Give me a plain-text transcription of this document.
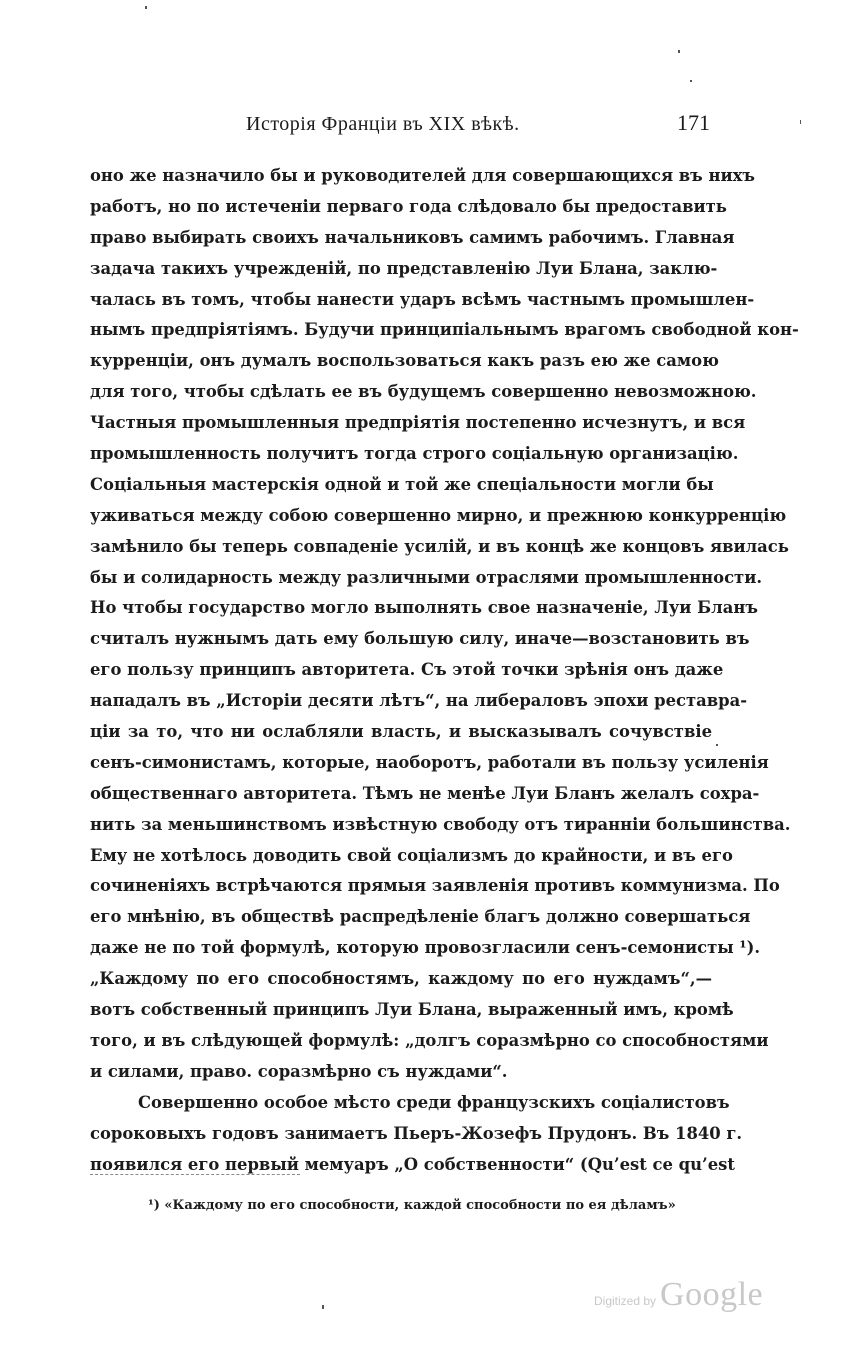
Исторія Франціи въ XIX вѣкѣ.	171
оно же назначило бы и руководителей для совершающихся въ нихъ
работъ, но по истеченіи перваго года слѣдовало бы предоставить
право выбирать своихъ начальниковъ самимъ рабочимъ. Главная
задача такихъ учрежденій, по представленію Луи Блана, заклю-
чалась въ томъ, чтобы нанести ударъ всѣмъ частнымъ промышлен-
нымъ предпріятіямъ. Будучи принципіальнымъ врагомъ свободной кон-
курренціи, онъ думалъ воспользоваться какъ разъ ею же самою
для того, чтобы сдѣлать ее въ будущемъ совершенно невозможною.
Частныя промышленныя предпріятія постепенно исчезнутъ, и вся
промышленность получитъ тогда строго соціальную организацію.
Соціальныя мастерскія одной и той же спеціальности могли бы
уживаться между собою совершенно мирно, и прежнюю конкурренцію
замѣнило бы теперь совпаденіе усилій, и въ концѣ же концовъ явилась
бы и солидарность между различными отраслями промышленности.
Но чтобы государство могло выполнять свое назначеніе, Луи Бланъ
считалъ нужнымъ дать ему большую силу, иначе—возстановить въ
его пользу принципъ авторитета. Съ этой точки зрѣнія онъ даже
нападалъ въ „Исторіи десяти лѣтъ“, на либераловъ эпохи реставра-
ціи за то, что ни ослабляли власть, и высказывалъ сочувствіе
сенъ-симонистамъ, которые, наоборотъ, работали въ пользу усиленія
общественнаго авторитета. Тѣмъ не менѣе Луи Бланъ желалъ сохра-
нить за меньшинствомъ извѣстную свободу отъ тиранніи большинства.
Ему не хотѣлось доводить свой соціализмъ до крайности, и въ его
сочиненіяхъ встрѣчаются прямыя заявленія противъ коммунизма. По
его мнѣнію, въ обществѣ распредѣленіе благъ должно совершаться
даже не по той формулѣ, которую провозгласили сенъ-семонисты ¹).
„Каждому по его способностямъ, каждому по его нуждамъ“,—
вотъ собственный принципъ Луи Блана, выраженный имъ, кромѣ
того, и въ слѣдующей формулѣ: „долгъ соразмѣрно со способностями
и силами, право. соразмѣрно съ нуждами“.
Совершенно особое мѣсто среди французскихъ соціалистовъ
сороковыхъ годовъ занимаетъ Пьеръ-Жозефъ Прудонъ. Въ 1840 г.
появился его первый мемуаръ „О собственности“ (Qu’est ce qu’est
¹) «Каждому по его способности, каждой способности по ея дѣламъ»
Digitized by Google
